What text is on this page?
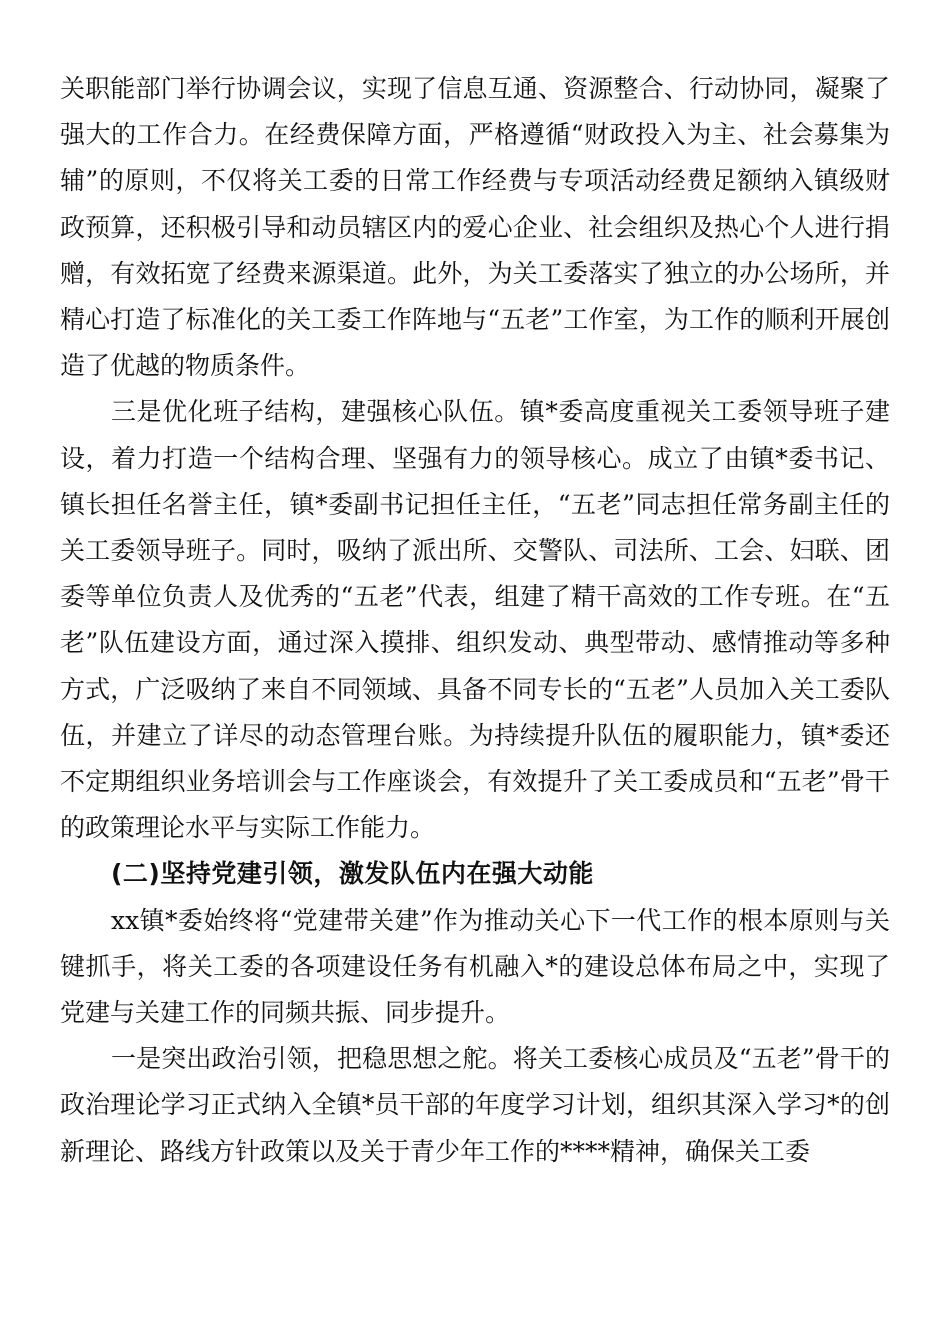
关职能部门举行协调会议，实现了信息互通、资源整合、行动协同，凝聚了强大的工作合力。在经费保障方面，严格遵循“财政投入为主、社会募集为辅”的原则，不仅将关工委的日常工作经费与专项活动经费足额纳入镇级财政预算，还积极引导和动员辖区内的爱心企业、社会组织及热心个人进行捐赠，有效拓宽了经费来源渠道。此外，为关工委落实了独立的办公场所，并精心打造了标准化的关工委工作阵地与“五老”工作室，为工作的顺利开展创造了优越的物质条件。

三是优化班子结构，建强核心队伍。镇*委高度重视关工委领导班子建设，着力打造一个结构合理、坚强有力的领导核心。成立了由镇*委书记、镇长担任名誉主任，镇*委副书记担任主任，“五老”同志担任常务副主任的关工委领导班子。同时，吸纳了派出所、交警队、司法所、工会、妇联、团委等单位负责人及优秀的“五老”代表，组建了精干高效的工作专班。在“五老”队伍建设方面，通过深入摸排、组织发动、典型带动、感情推动等多种方式，广泛吸纳了来自不同领域、具备不同专长的“五老”人员加入关工委队伍，并建立了详尽的动态管理台账。为持续提升队伍的履职能力，镇*委还不定期组织业务培训会与工作座谈会，有效提升了关工委成员和“五老”骨干的政策理论水平与实际工作能力。

(二)坚持党建引领，激发队伍内在强大动能

xx镇*委始终将“党建带关建”作为推动关心下一代工作的根本原则与关键抓手，将关工委的各项建设任务有机融入*的建设总体布局之中，实现了党建与关建工作的同频共振、同步提升。

一是突出政治引领，把稳思想之舵。将关工委核心成员及“五老”骨干的政治理论学习正式纳入全镇*员干部的年度学习计划，组织其深入学习*的创新理论、路线方针政策以及关于青少年工作的****精神，确保关工委
